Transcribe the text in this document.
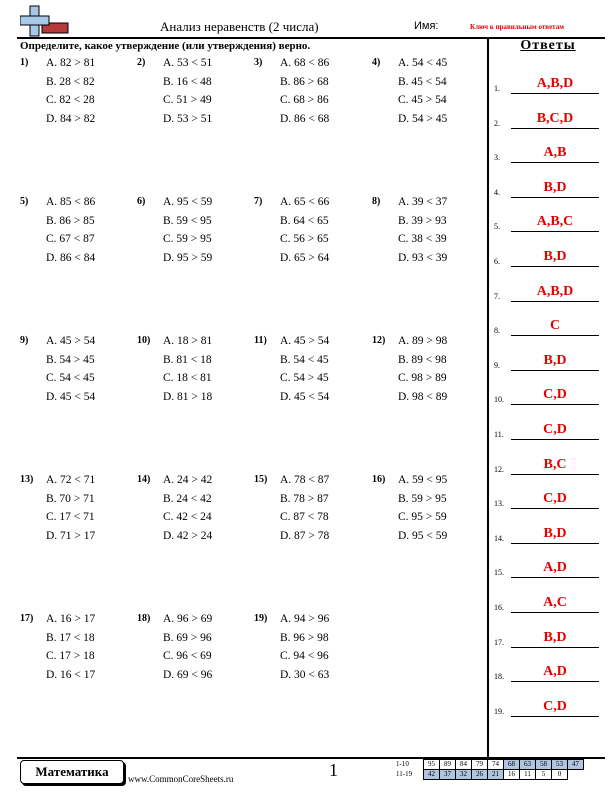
Анализ неравенств (2 числа)	Имя:	Ключ к правильным ответам
Определите, какое утверждение (или утверждения) верно.	Ответы
1.	A,B,D
2.	B,C,D
3.	A,B
4.	B,D
5.	A,B,C
6.	B,D
7.	A,B,D
8.	C
9.	B,D
10.	C,D
11.	C,D
12.	B,C
13.	C,D
14.	B,D
15.	A,D
16.	A,C
17.	B,D
18.	A,D
19.	C,D
1) A. 82 > 81
B. 28 < 82
C. 82 < 28
D. 84 > 82
2) A. 53 < 51
B. 16 < 48
C. 51 > 49
D. 53 > 51
3) A. 68 < 86
B. 86 > 68
C. 68 > 86
D. 86 < 68
4) A. 54 < 45
B. 45 < 54
C. 45 > 54
D. 54 > 45
5) A. 85 < 86
B. 86 > 85
C. 67 < 87
D. 86 < 84
6) A. 95 < 59
B. 59 < 95
C. 59 > 95
D. 95 > 59
7) A. 65 < 66
B. 64 < 65
C. 56 > 65
D. 65 > 64
8) A. 39 < 37
B. 39 > 93
C. 38 < 39
D. 93 < 39
9) A. 45 > 54
B. 54 > 45
C. 54 < 45
D. 45 < 54
10) A. 18 > 81
B. 81 < 18
C. 18 < 81
D. 81 > 18
11) A. 45 > 54
B. 54 < 45
C. 54 > 45
D. 45 < 54
12) A. 89 > 98
B. 89 < 98
C. 98 > 89
D. 98 < 89
13) A. 72 < 71
B. 70 > 71
C. 17 < 71
D. 71 > 17
14) A. 24 > 42
B. 24 < 42
C. 42 < 24
D. 42 > 24
15) A. 78 < 87
B. 78 > 87
C. 87 < 78
D. 87 > 78
16) A. 59 < 95
B. 59 > 95
C. 95 > 59
D. 95 < 59
17) A. 16 > 17
B. 17 < 18
C. 17 > 18
D. 16 < 17
18) A. 96 > 69
B. 69 > 96
C. 96 < 69
D. 69 < 96
19) A. 94 > 96
B. 96 > 98
C. 94 < 96
D. 30 < 63
Математика	www.CommonCoreSheets.ru	1	1-10	95	89	84	79	74	68	63	58	53	47
11-19	42	37	32	26	21	16	11	5	0
